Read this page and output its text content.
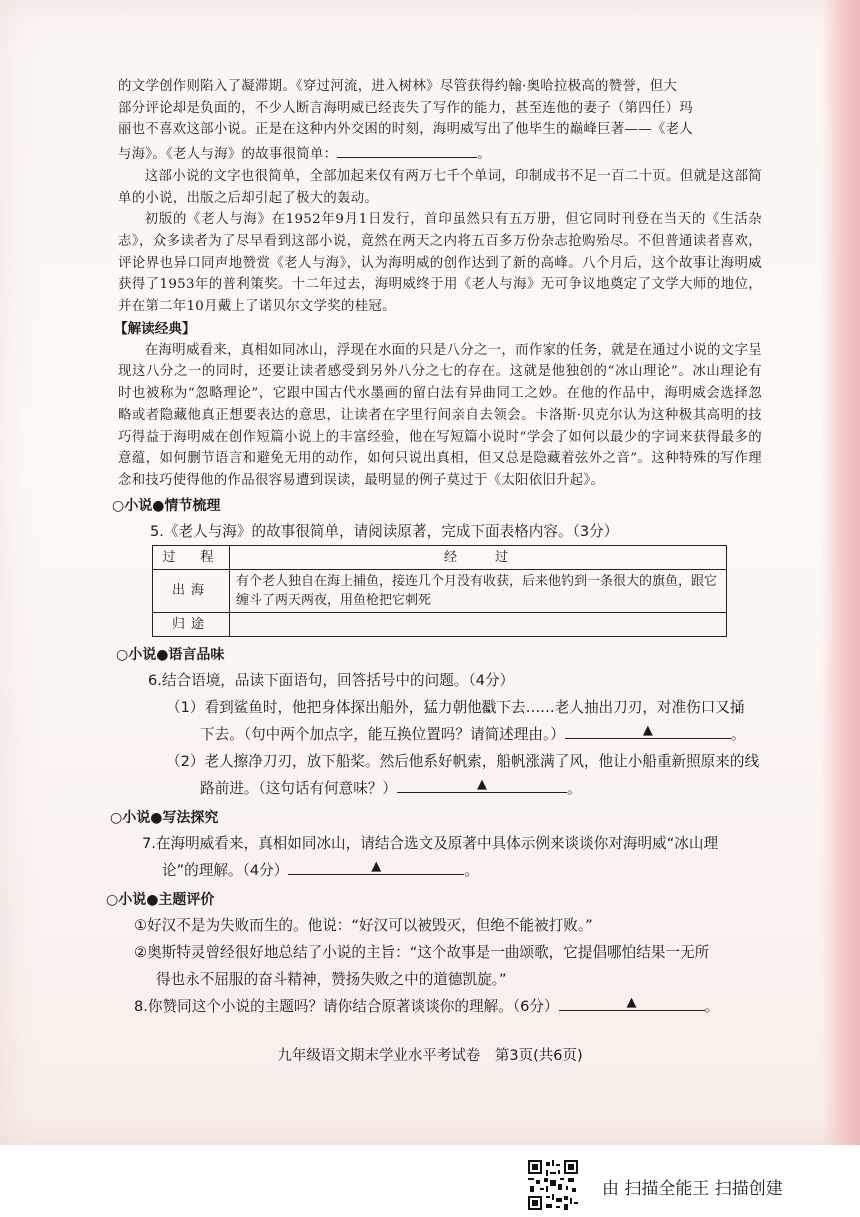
的文学创作则陷入了凝滞期。《穿过河流，进入树林》尽管获得约翰·奥哈拉极高的赞誉，但大
部分评论却是负面的，不少人断言海明威已经丧失了写作的能力，甚至连他的妻子（第四任）玛
丽也不喜欢这部小说。正是在这种内外交困的时刻，海明威写出了他毕生的巅峰巨著——《老人
与海》。《老人与海》的故事很简单：	。

这部小说的文字也很简单，全部加起来仅有两万七千个单词，印制成书不足一百二十页。但就是这部简单的小说，出版之后却引起了极大的轰动。

初版的《老人与海》在1952年9月1日发行，首印虽然只有五万册，但它同时刊登在当天的《生活杂志》，众多读者为了尽早看到这部小说，竟然在两天之内将五百多万份杂志抢购殆尽。不但普通读者喜欢，评论界也异口同声地赞赏《老人与海》，认为海明威的创作达到了新的高峰。八个月后，这个故事让海明威获得了1953年的普利策奖。十二年过去，海明威终于用《老人与海》无可争议地奠定了文学大师的地位，并在第二年10月戴上了诺贝尔文学奖的桂冠。

【解读经典】

在海明威看来，真相如同冰山，浮现在水面的只是八分之一，而作家的任务，就是在通过小说的文字呈现这八分之一的同时，还要让读者感受到另外八分之七的存在。这就是他独创的“冰山理论”。冰山理论有时也被称为“忽略理论”，它跟中国古代水墨画的留白法有异曲同工之妙。在他的作品中，海明威会选择忽略或者隐藏他真正想要表达的意思，让读者在字里行间亲自去领会。卡洛斯·贝克尔认为这种极其高明的技巧得益于海明威在创作短篇小说上的丰富经验，他在写短篇小说时“学会了如何以最少的字词来获得最多的意蕴，如何删节语言和避免无用的动作，如何只说出真相，但又总是隐藏着弦外之音”。这种特殊的写作理念和技巧使得他的作品很容易遭到误读，最明显的例子莫过于《太阳依旧升起》。

○小说●情节梳理

5.《老人与海》的故事很简单，请阅读原著，完成下面表格内容。（3分）

过　程	经　　过
出海	有个老人独自在海上捕鱼，接连几个月没有收获，后来他钓到一条很大的旗鱼，跟它缠斗了两天两夜，用鱼枪把它刺死
归途	

○小说●语言品味

6.结合语境，品读下面语句，回答括号中的问题。（4分）

（1）看到鲨鱼时，他把身体探出船外，猛力朝他戳下去……老人抽出刀刃，对准伤口又捅

下去。（句中两个加点字，能互换位置吗？请简述理由。）	▲	。

（2）老人擦净刀刃，放下船桨。然后他系好帆索，船帆涨满了风，他让小船重新照原来的线

路前进。（这句话有何意味？）	▲	。

○小说●写法探究

7.在海明威看来，真相如同冰山，请结合选文及原著中具体示例来谈谈你对海明威“冰山理

论”的理解。（4分）	▲	。

○小说●主题评价

①好汉不是为失败而生的。他说：“好汉可以被毁灭，但绝不能被打败。”

②奥斯特灵曾经很好地总结了小说的主旨：“这个故事是一曲颂歌，它提倡哪怕结果一无所

得也永不屈服的奋斗精神，赞扬失败之中的道德凯旋。”

8.你赞同这个小说的主题吗？请你结合原著谈谈你的理解。（6分）	▲	。

九年级语文期末学业水平考试卷　第3页(共6页)
由 扫描全能王 扫描创建
